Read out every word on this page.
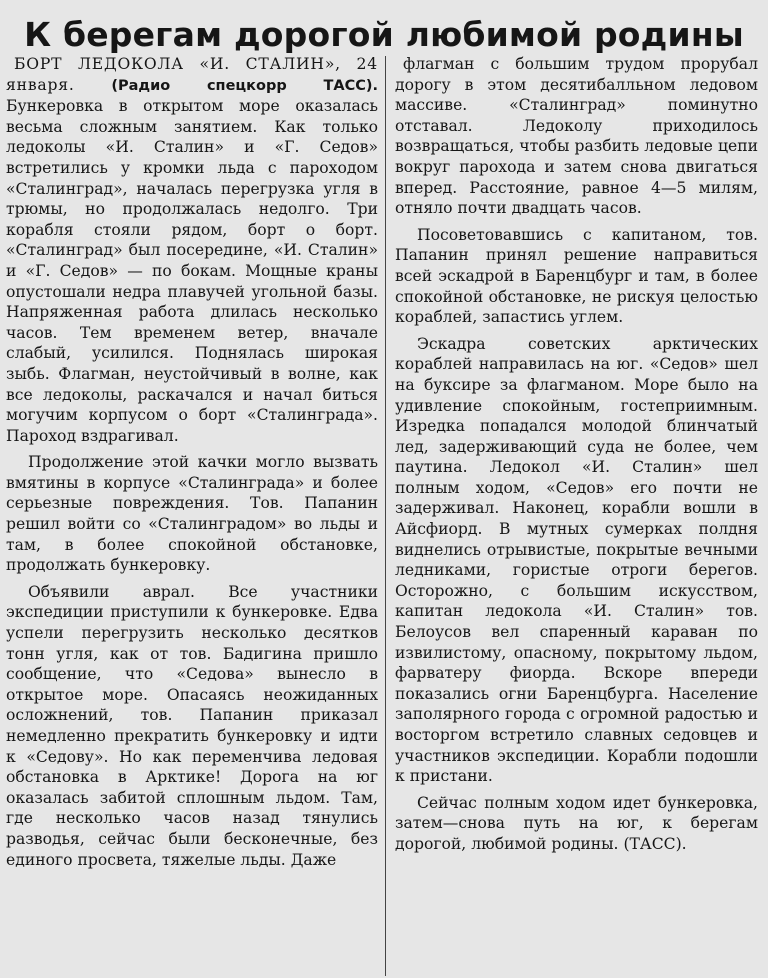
К берегам дорогой любимой родины

БОРТ ЛЕДОКОЛА «И. СТАЛИН», 24 января.	(Радио спецкорр ТАСС). Бункеровка в открытом море оказалась весьма сложным занятием. Как только ледоколы «И. Сталин» и «Г. Седов» встретились у кромки льда с пароходом «Сталинград», началась перегрузка угля в трюмы, но продолжалась недолго. Три корабля стояли рядом, борт о борт. «Сталинград» был посередине, «И. Сталин» и «Г. Седов» — по бокам. Мощные краны опустошали недра плавучей угольной базы. Напряженная работа длилась несколько часов. Тем временем ветер, вначале слабый, усилился. Поднялась широкая зыбь. Флагман, неустойчивый в волне, как все ледоколы, раскачался и начал биться могучим корпусом о борт «Сталинграда». Пароход вздрагивал.

Продолжение этой качки могло вызвать вмятины в корпусе «Сталинграда» и более серьезные повреждения. Тов. Папанин решил войти со «Сталинградом» во льды и там, в более спокойной обстановке, продолжать бункеровку.

Объявили аврал. Все участники экспедиции приступили к бункеровке. Едва успели перегрузить несколько десятков тонн угля, как от тов. Бадигина пришло сообщение, что «Седова» вынесло в открытое море. Опасаясь неожиданных осложнений, тов. Папанин приказал немедленно прекратить бункеровку и идти к «Седову». Но как переменчива ледовая обстановка в Арктике! Дорога на юг оказалась забитой сплошным льдом. Там, где несколько часов назад тянулись разводья, сейчас были бесконечные, без единого просвета, тяжелые льды. Даже

флагман с большим трудом прорубал дорогу в этом десятибалльном ледовом массиве. «Сталинград» поминутно отставал. Ледоколу приходилось возвращаться, чтобы разбить ледовые цепи вокруг парохода и затем снова двигаться вперед. Расстояние, равное 4—5 милям, отняло почти двадцать часов.

Посоветовавшись с капитаном, тов. Папанин принял решение направиться всей эскадрой в Баренцбург и там, в более спокойной обстановке, не рискуя целостью кораблей, запастись углем.

Эскадра советских арктических кораблей направилась на юг. «Седов» шел на буксире за флагманом. Море было на удивление спокойным, гостеприимным. Изредка попадался молодой блинчатый лед, задерживающий суда не более, чем паутина. Ледокол «И. Сталин» шел полным ходом, «Седов» его почти не задерживал. Наконец, корабли вошли в Айсфиорд. В мутных сумерках полдня виднелись отрывистые, покрытые вечными ледниками, гористые отроги берегов. Осторожно, с большим искусством, капитан ледокола «И. Сталин» тов. Белоусов вел спаренный караван по извилистому, опасному, покрытому льдом, фарватеру фиорда. Вскоре впереди показались огни Баренцбурга. Население заполярного города с огромной радостью и восторгом встретило славных седовцев и участников экспедиции. Корабли подошли к пристани.

Сейчас полным ходом идет бункеровка, затем—снова путь на юг, к берегам дорогой, любимой родины. (ТАСС).
